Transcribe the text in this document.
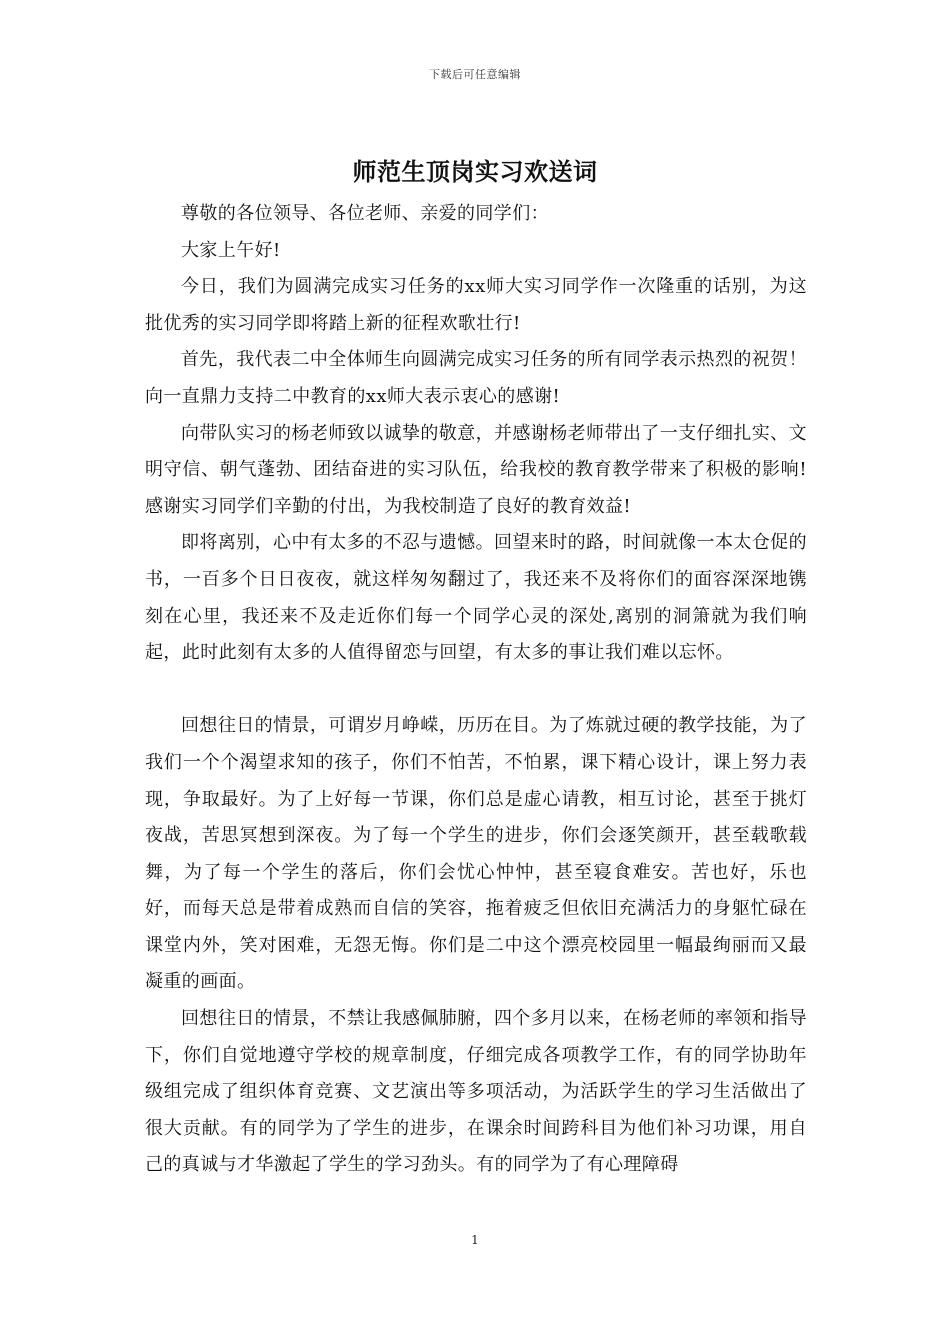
下载后可任意编辑
师范生顶岗实习欢送词

尊敬的各位领导、各位老师、亲爱的同学们：

大家上午好!

今日，我们为圆满完成实习任务的xx师大实习同学作一次隆重的话别，为这批优秀的实习同学即将踏上新的征程欢歌壮行!

首先，我代表二中全体师生向圆满完成实习任务的所有同学表示热烈的祝贺！向一直鼎力支持二中教育的xx师大表示衷心的感谢!

向带队实习的杨老师致以诚挚的敬意，并感谢杨老师带出了一支仔细扎实、文明守信、朝气蓬勃、团结奋进的实习队伍，给我校的教育教学带来了积极的影响!感谢实习同学们辛勤的付出，为我校制造了良好的教育效益!

即将离别，心中有太多的不忍与遗憾。回望来时的路，时间就像一本太仓促的书，一百多个日日夜夜，就这样匆匆翻过了，我还来不及将你们的面容深深地镌刻在心里，我还来不及走近你们每一个同学心灵的深处,离别的洞箫就为我们响起，此时此刻有太多的人值得留恋与回望，有太多的事让我们难以忘怀。

回想往日的情景，可谓岁月峥嵘，历历在目。为了炼就过硬的教学技能，为了我们一个个渴望求知的孩子，你们不怕苦，不怕累，课下精心设计，课上努力表现，争取最好。为了上好每一节课，你们总是虚心请教，相互讨论，甚至于挑灯夜战，苦思冥想到深夜。为了每一个学生的进步，你们会逐笑颜开，甚至载歌载舞，为了每一个学生的落后，你们会忧心忡忡，甚至寝食难安。苦也好，乐也好，而每天总是带着成熟而自信的笑容，拖着疲乏但依旧充满活力的身躯忙碌在课堂内外，笑对困难，无怨无悔。你们是二中这个漂亮校园里一幅最绚丽而又最凝重的画面。

回想往日的情景，不禁让我感佩肺腑，四个多月以来，在杨老师的率领和指导下，你们自觉地遵守学校的规章制度，仔细完成各项教学工作，有的同学协助年级组完成了组织体育竞赛、文艺演出等多项活动，为活跃学生的学习生活做出了很大贡献。有的同学为了学生的进步，在课余时间跨科目为他们补习功课，用自己的真诚与才华激起了学生的学习劲头。有的同学为了有心理障碍

1
